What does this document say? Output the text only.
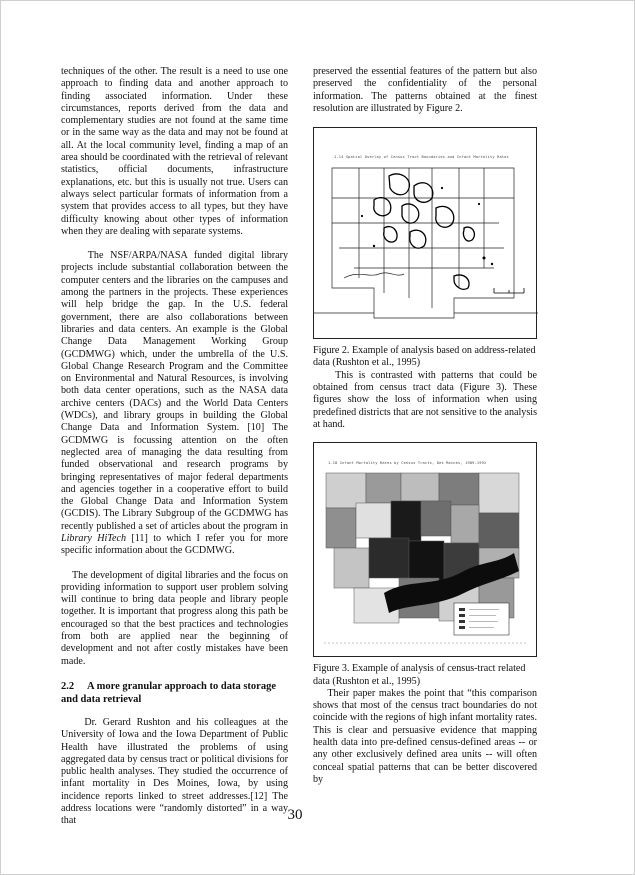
techniques of the other. The result is a need to use one approach to finding data and another approach to finding associated information. Under these circumstances, reports derived from the data and complementary studies are not found at the same time or in the same way as the data and may not be found at all. At the local community level, finding a map of an area should be coordinated with the retrieval of relevant statistics, official documents, infrastructure explanations, etc. but this is usually not true. Users can always select particular formats of information from a system that provides access to all types, but they have difficulty knowing about other types of information when they are dealing with separate systems.

The NSF/ARPA/NASA funded digital library projects include substantial collaboration between the computer centers and the libraries on the campuses and among the partners in the projects. These experiences will help bridge the gap. In the U.S. federal government, there are also collaborations between libraries and data centers. An example is the Global Change Data Management Working Group (GCDMWG) which, under the umbrella of the U.S. Global Change Research Program and the Committee on Environmental and Natural Resources, is involving both data center operations, such as the NASA data archive centers (DACs) and the World Data Centers (WDCs), and library groups in building the Global Change Data and Information System. [10] The GCDMWG is focussing attention on the often neglected area of managing the data resulting from funded observational and research programs by bringing representatives of major federal departments and agencies together in a cooperative effort to build the Global Change Data and Information System (GCDIS). The Library Subgroup of the GCDMWG has recently published a set of articles about the program in Library HiTech [11] to which I refer you for more specific information about the GCDMWG.

The development of digital libraries and the focus on providing information to support user problem solving will continue to bring data people and library people together. It is important that progress along this path be encouraged so that the best practices and technologies from both are applied near the beginning of development and not after costly mistakes have been made.

2.2 A more granular approach to data storage and data retrieval

Dr. Gerard Rushton and his colleagues at the University of Iowa and the Iowa Department of Public Health have illustrated the problems of using aggregated data by census tract or political divisions for public health analyses. They studied the occurrence of infant mortality in Des Moines, Iowa, by using incidence reports linked to street addresses.[12] The address locations were “randomly distorted” in a way that

preserved the essential features of the pattern but also preserved the confidentiality of the personal information. The patterns obtained at the finest resolution are illustrated by Figure 2.

1.14 Spatial Overlay of Census Tract Boundaries and Infant Mortality Rates

Figure 2. Example of analysis based on address-related data (Rushton et al., 1995)

This is contrasted with patterns that could be obtained from census tract data (Figure 3). These figures show the loss of information when using predefined districts that are not sensitive to the analysis at hand.

1.18 Infant Mortality Rates by Census Tracts, Des Moines, 1989-1992

Figure 3. Example of analysis of census-tract related data (Rushton et al., 1995)

Their paper makes the point that “this comparison shows that most of the census tract boundaries do not coincide with the regions of high infant mortality rates. This is clear and persuasive evidence that mapping health data into pre-defined census-defined areas -- or any other exclusively defined area units -- will often conceal spatial patterns that can be better discovered by

30
